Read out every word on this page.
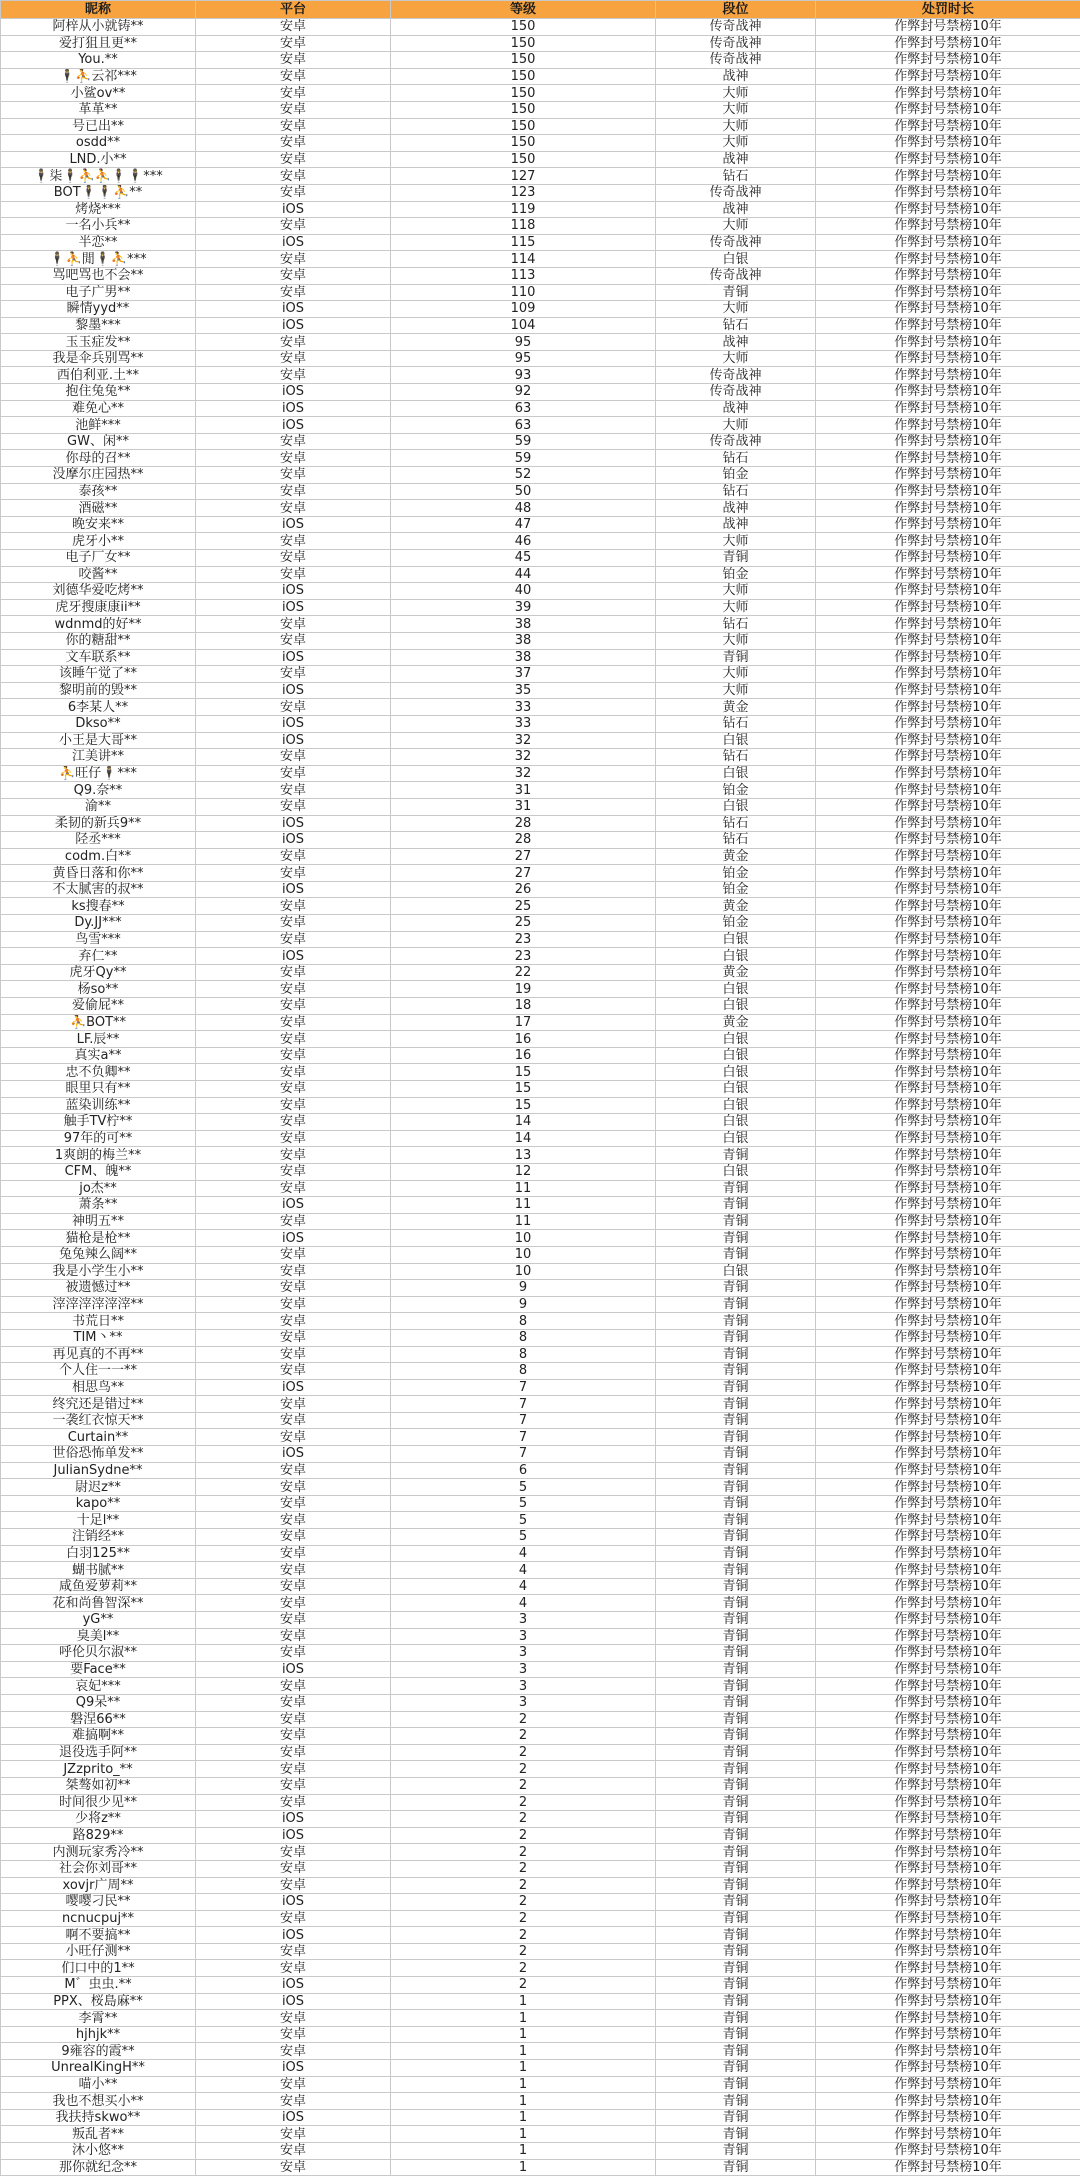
昵称	平台	等级	段位	处罚时长
阿梓从小就铸**	安卓	150	传奇战神	作弊封号禁榜10年
爱打狙且更**	安卓	150	传奇战神	作弊封号禁榜10年
You.**	安卓	150	传奇战神	作弊封号禁榜10年
🕴⛹云祁***	安卓	150	战神	作弊封号禁榜10年
小鲨ov**	安卓	150	大师	作弊封号禁榜10年
革革**	安卓	150	大师	作弊封号禁榜10年
号已出**	安卓	150	大师	作弊封号禁榜10年
osdd**	安卓	150	大师	作弊封号禁榜10年
LND.小**	安卓	150	战神	作弊封号禁榜10年
🕴柒🕴⛹⛹🕴🕴***	安卓	127	钻石	作弊封号禁榜10年
BOT🕴🕴⛹**	安卓	123	传奇战神	作弊封号禁榜10年
烤烧***	iOS	119	战神	作弊封号禁榜10年
一名小兵**	安卓	118	大师	作弊封号禁榜10年
半恋**	iOS	115	传奇战神	作弊封号禁榜10年
🕴⛹閒🕴⛹***	安卓	114	白银	作弊封号禁榜10年
骂吧骂也不会**	安卓	113	传奇战神	作弊封号禁榜10年
电子广男**	安卓	110	青铜	作弊封号禁榜10年
瞬情yyd**	iOS	109	大师	作弊封号禁榜10年
黎墨***	iOS	104	钻石	作弊封号禁榜10年
玉玉症发**	安卓	95	战神	作弊封号禁榜10年
我是伞兵别骂**	安卓	95	大师	作弊封号禁榜10年
西伯利亚.土**	安卓	93	传奇战神	作弊封号禁榜10年
抱住兔兔**	iOS	92	传奇战神	作弊封号禁榜10年
难免心**	iOS	63	战神	作弊封号禁榜10年
池鲜***	iOS	63	大师	作弊封号禁榜10年
GW、闲**	安卓	59	传奇战神	作弊封号禁榜10年
你母的召**	安卓	59	钻石	作弊封号禁榜10年
没摩尔庄园热**	安卓	52	铂金	作弊封号禁榜10年
泰孩**	安卓	50	钻石	作弊封号禁榜10年
酒磁**	安卓	48	战神	作弊封号禁榜10年
晚安来**	iOS	47	战神	作弊封号禁榜10年
虎牙小**	安卓	46	大师	作弊封号禁榜10年
电子厂女**	安卓	45	青铜	作弊封号禁榜10年
咬酱**	安卓	44	铂金	作弊封号禁榜10年
刘德华爱吃烤**	iOS	40	大师	作弊封号禁榜10年
虎牙搜康康ii**	iOS	39	大师	作弊封号禁榜10年
wdnmd的好**	安卓	38	钻石	作弊封号禁榜10年
你的糖甜**	安卓	38	大师	作弊封号禁榜10年
文车联系**	iOS	38	青铜	作弊封号禁榜10年
该睡午觉了**	安卓	37	大师	作弊封号禁榜10年
黎明前的毁**	iOS	35	大师	作弊封号禁榜10年
6李某人**	安卓	33	黄金	作弊封号禁榜10年
Dkso**	iOS	33	钻石	作弊封号禁榜10年
小王是大哥**	iOS	32	白银	作弊封号禁榜10年
江美讲**	安卓	32	钻石	作弊封号禁榜10年
⛹旺仔🕴***	安卓	32	白银	作弊封号禁榜10年
Q9.奈**	安卓	31	铂金	作弊封号禁榜10年
渝**	安卓	31	白银	作弊封号禁榜10年
柔韧的新兵9**	iOS	28	钻石	作弊封号禁榜10年
陉丞***	iOS	28	钻石	作弊封号禁榜10年
codm.白**	安卓	27	黄金	作弊封号禁榜10年
黄昏日落和你**	安卓	27	铂金	作弊封号禁榜10年
不太腻害的叔**	iOS	26	铂金	作弊封号禁榜10年
ks搜春**	安卓	25	黄金	作弊封号禁榜10年
Dy.JJ***	安卓	25	铂金	作弊封号禁榜10年
鸟雪***	安卓	23	白银	作弊封号禁榜10年
弃仁**	iOS	23	白银	作弊封号禁榜10年
虎牙Qy**	安卓	22	黄金	作弊封号禁榜10年
杨so**	安卓	19	白银	作弊封号禁榜10年
爱偷屁**	安卓	18	白银	作弊封号禁榜10年
⛹BOT**	安卓	17	黄金	作弊封号禁榜10年
LF.辰**	安卓	16	白银	作弊封号禁榜10年
真实a**	安卓	16	白银	作弊封号禁榜10年
忠不负卿**	安卓	15	白银	作弊封号禁榜10年
眼里只有**	安卓	15	白银	作弊封号禁榜10年
蓝染训练**	安卓	15	白银	作弊封号禁榜10年
触手TV柠**	安卓	14	白银	作弊封号禁榜10年
97年的可**	安卓	14	白银	作弊封号禁榜10年
1爽朗的梅兰**	安卓	13	青铜	作弊封号禁榜10年
CFM、魄**	安卓	12	白银	作弊封号禁榜10年
jo杰**	安卓	11	青铜	作弊封号禁榜10年
萧条**	iOS	11	青铜	作弊封号禁榜10年
神明五**	安卓	11	青铜	作弊封号禁榜10年
猫枪是枪**	iOS	10	青铜	作弊封号禁榜10年
兔兔辣么阔**	安卓	10	青铜	作弊封号禁榜10年
我是小学生小**	安卓	10	白银	作弊封号禁榜10年
被遗憾过**	安卓	9	青铜	作弊封号禁榜10年
滓滓滓滓滓滓**	安卓	9	青铜	作弊封号禁榜10年
书荒日**	安卓	8	青铜	作弊封号禁榜10年
TIM丶**	安卓	8	青铜	作弊封号禁榜10年
再见真的不再**	安卓	8	青铜	作弊封号禁榜10年
个人住一一**	安卓	8	青铜	作弊封号禁榜10年
相思鸟**	iOS	7	青铜	作弊封号禁榜10年
终究还是错过**	安卓	7	青铜	作弊封号禁榜10年
一袭红衣惊天**	安卓	7	青铜	作弊封号禁榜10年
Curtain**	安卓	7	青铜	作弊封号禁榜10年
世俗恐怖单发**	iOS	7	青铜	作弊封号禁榜10年
JulianSydne**	安卓	6	青铜	作弊封号禁榜10年
尉迟z**	安卓	5	青铜	作弊封号禁榜10年
kapo**	安卓	5	青铜	作弊封号禁榜10年
十足l**	安卓	5	青铜	作弊封号禁榜10年
注销经**	安卓	5	青铜	作弊封号禁榜10年
白羽125**	安卓	4	青铜	作弊封号禁榜10年
蝴书腻**	安卓	4	青铜	作弊封号禁榜10年
咸鱼爱萝莉**	安卓	4	青铜	作弊封号禁榜10年
花和尚鲁智深**	安卓	4	青铜	作弊封号禁榜10年
yG**	安卓	3	青铜	作弊封号禁榜10年
臭美l**	安卓	3	青铜	作弊封号禁榜10年
呼伦贝尔淑**	安卓	3	青铜	作弊封号禁榜10年
要Face**	iOS	3	青铜	作弊封号禁榜10年
哀妃***	安卓	3	青铜	作弊封号禁榜10年
Q9呆**	安卓	3	青铜	作弊封号禁榜10年
磐涅66**	安卓	2	青铜	作弊封号禁榜10年
难搞啊**	安卓	2	青铜	作弊封号禁榜10年
退役选手阿**	安卓	2	青铜	作弊封号禁榜10年
JZzprito_**	安卓	2	青铜	作弊封号禁榜10年
桀骜如初**	安卓	2	青铜	作弊封号禁榜10年
时间很少见**	安卓	2	青铜	作弊封号禁榜10年
少将z**	iOS	2	青铜	作弊封号禁榜10年
路829**	iOS	2	青铜	作弊封号禁榜10年
内测玩家秀冷**	安卓	2	青铜	作弊封号禁榜10年
社会你刘哥**	安卓	2	青铜	作弊封号禁榜10年
xovjr广周**	安卓	2	青铜	作弊封号禁榜10年
嘤嘤刁民**	iOS	2	青铜	作弊封号禁榜10年
ncnucpuj**	安卓	2	青铜	作弊封号禁榜10年
啊不要搞**	iOS	2	青铜	作弊封号禁榜10年
小旺仔测**	安卓	2	青铜	作弊封号禁榜10年
们口中的1**	安卓	2	青铜	作弊封号禁榜10年
M゛虫虫.**	iOS	2	青铜	作弊封号禁榜10年
PPX、桜島麻**	iOS	1	青铜	作弊封号禁榜10年
李霄**	安卓	1	青铜	作弊封号禁榜10年
hjhjk**	安卓	1	青铜	作弊封号禁榜10年
9雍容的霞**	安卓	1	青铜	作弊封号禁榜10年
UnrealKingH**	iOS	1	青铜	作弊封号禁榜10年
喵小**	安卓	1	青铜	作弊封号禁榜10年
我也不想买小**	安卓	1	青铜	作弊封号禁榜10年
我扶持skwo**	iOS	1	青铜	作弊封号禁榜10年
叛乱者**	安卓	1	青铜	作弊封号禁榜10年
沐小悠**	安卓	1	青铜	作弊封号禁榜10年
那你就纪念**	安卓	1	青铜	作弊封号禁榜10年
